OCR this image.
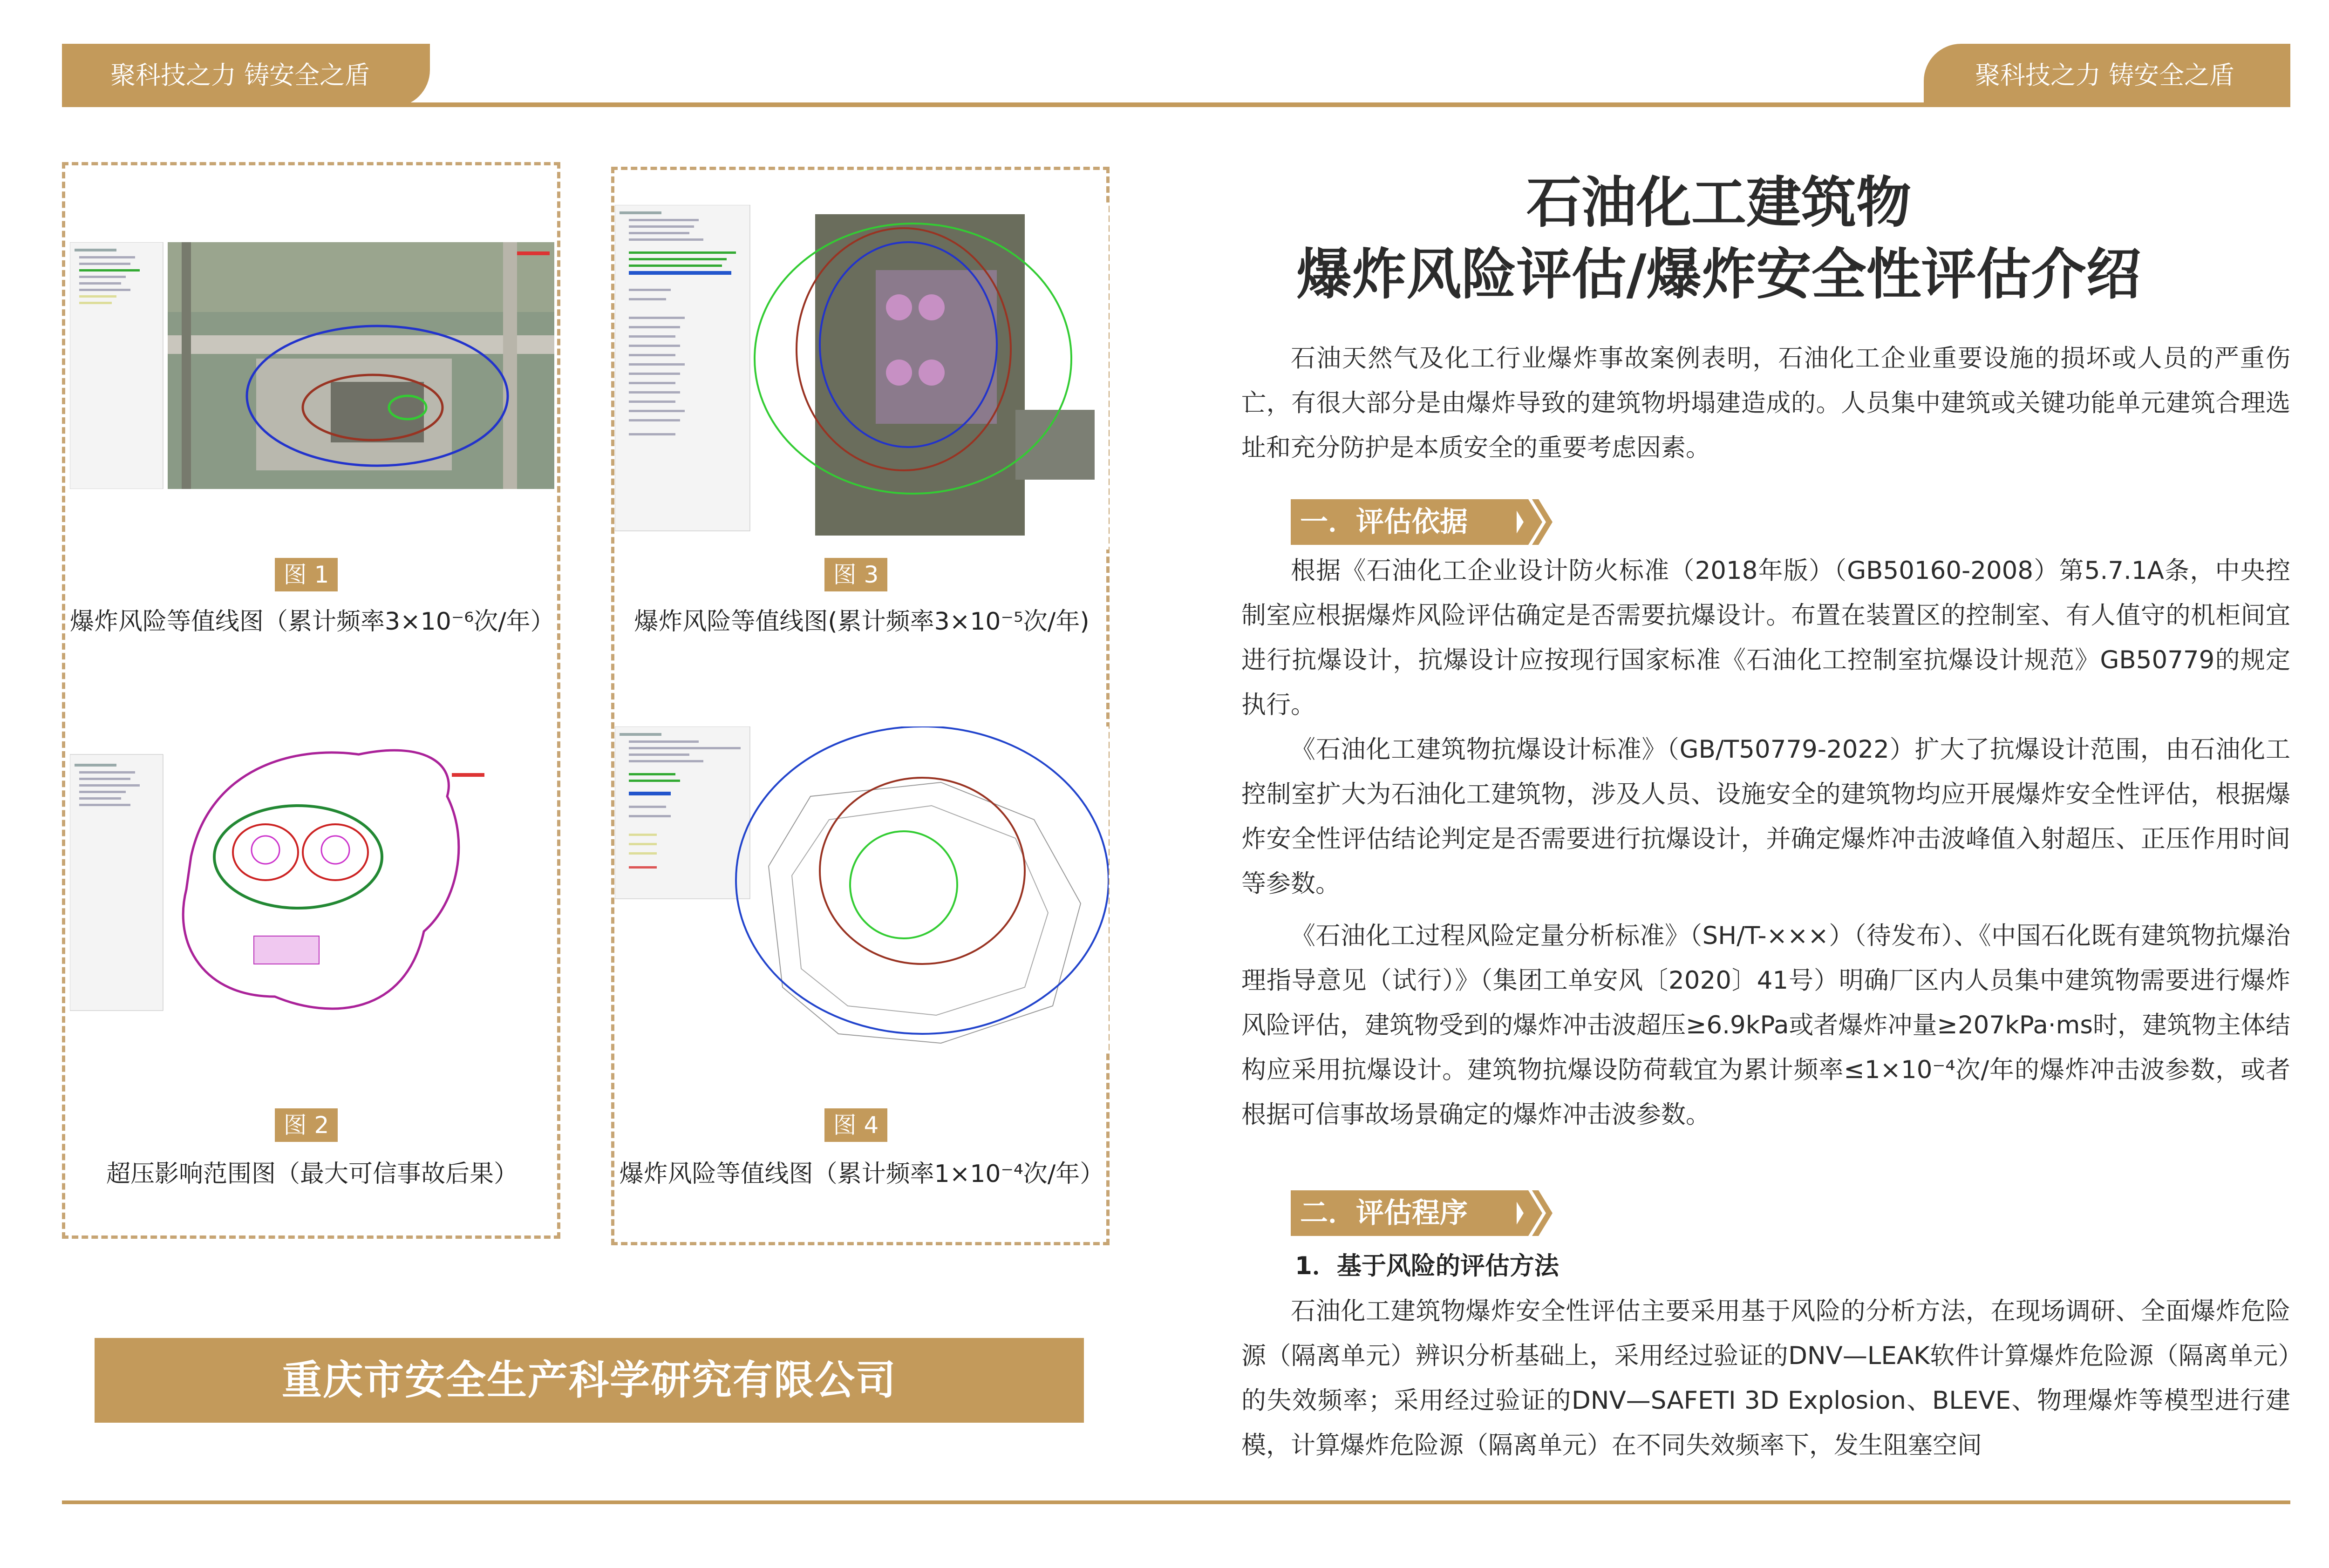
聚科技之力 铸安全之盾	聚科技之力 铸安全之盾
图 1
爆炸风险等值线图（累计频率3×10⁻⁶次/年）
图 2
超压影响范围图（最大可信事故后果）
图 3
爆炸风险等值线图(累计频率3×10⁻⁵次/年)
图 4
爆炸风险等值线图（累计频率1×10⁻⁴次/年）
重庆市安全生产科学研究有限公司
石油化工建筑物
爆炸风险评估/爆炸安全性评估介绍
石油天然气及化工行业爆炸事故案例表明，石油化工企业重要设施的损坏或人员的严重伤亡，有很大部分是由爆炸导致的建筑物坍塌建造成的。人员集中建筑或关键功能单元建筑合理选址和充分防护是本质安全的重要考虑因素。
一．评估依据
根据《石油化工企业设计防火标准（2018年版）（GB50160-2008）第5.7.1A条，中央控制室应根据爆炸风险评估确定是否需要抗爆设计。布置在装置区的控制室、有人值守的机柜间宜进行抗爆设计，抗爆设计应按现行国家标准《石油化工控制室抗爆设计规范》GB50779的规定执行。
《石油化工建筑物抗爆设计标准》（GB/T50779-2022）扩大了抗爆设计范围，由石油化工控制室扩大为石油化工建筑物，涉及人员、设施安全的建筑物均应开展爆炸安全性评估，根据爆炸安全性评估结论判定是否需要进行抗爆设计，并确定爆炸冲击波峰值入射超压、正压作用时间等参数。
《石油化工过程风险定量分析标准》（SH/T-×××）（待发布）、《中国石化既有建筑物抗爆治理指导意见（试行）》（集团工单安风〔2020〕41号）明确厂区内人员集中建筑物需要进行爆炸风险评估，建筑物受到的爆炸冲击波超压≥6.9kPa或者爆炸冲量≥207kPa·ms时，建筑物主体结构应采用抗爆设计。建筑物抗爆设防荷载宜为累计频率≤1×10⁻⁴次/年的爆炸冲击波参数，或者根据可信事故场景确定的爆炸冲击波参数。
二．评估程序
1．基于风险的评估方法
石油化工建筑物爆炸安全性评估主要采用基于风险的分析方法，在现场调研、全面爆炸危险源（隔离单元）辨识分析基础上，采用经过验证的DNV—LEAK软件计算爆炸危险源（隔离单元）的失效频率；采用经过验证的DNV—SAFETI 3D Explosion、BLEVE、物理爆炸等模型进行建模，计算爆炸危险源（隔离单元）在不同失效频率下，发生阻塞空间
